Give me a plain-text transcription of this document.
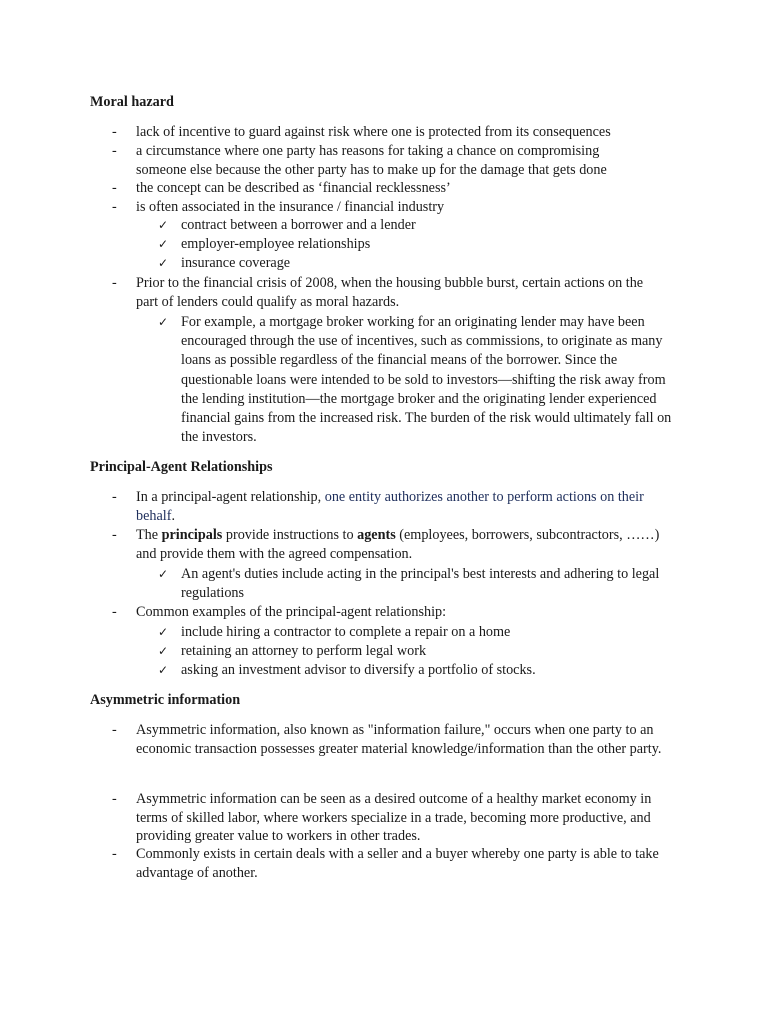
Moral hazard

-	lack of incentive to guard against risk where one is protected from its consequences
-	a circumstance where one party has reasons for taking a chance on compromising someone else because the other party has to make up for the damage that gets done
-	the concept can be described as ‘financial recklessness’
-	is often associated in the insurance / financial industry
✓ contract between a borrower and a lender
✓ employer-employee relationships
✓ insurance coverage
-	Prior to the financial crisis of 2008, when the housing bubble burst, certain actions on the part of lenders could qualify as moral hazards.
✓ For example, a mortgage broker working for an originating lender may have been encouraged through the use of incentives, such as commissions, to originate as many loans as possible regardless of the financial means of the borrower. Since the questionable loans were intended to be sold to investors—shifting the risk away from the lending institution—the mortgage broker and the originating lender experienced financial gains from the increased risk. The burden of the risk would ultimately fall on the investors.

Principal-Agent Relationships

-	In a principal-agent relationship, one entity authorizes another to perform actions on their behalf.
-	The principals provide instructions to agents (employees, borrowers, subcontractors, ……) and provide them with the agreed compensation.
✓ An agent's duties include acting in the principal's best interests and adhering to legal regulations
-	Common examples of the principal-agent relationship:
✓ include hiring a contractor to complete a repair on a home
✓ retaining an attorney to perform legal work
✓ asking an investment advisor to diversify a portfolio of stocks.

Asymmetric information

-	Asymmetric information, also known as "information failure," occurs when one party to an economic transaction possesses greater material knowledge/information than the other party.
-	Asymmetric information can be seen as a desired outcome of a healthy market economy in terms of skilled labor, where workers specialize in a trade, becoming more productive, and providing greater value to workers in other trades.
-	Commonly exists in certain deals with a seller and a buyer whereby one party is able to take advantage of another.
